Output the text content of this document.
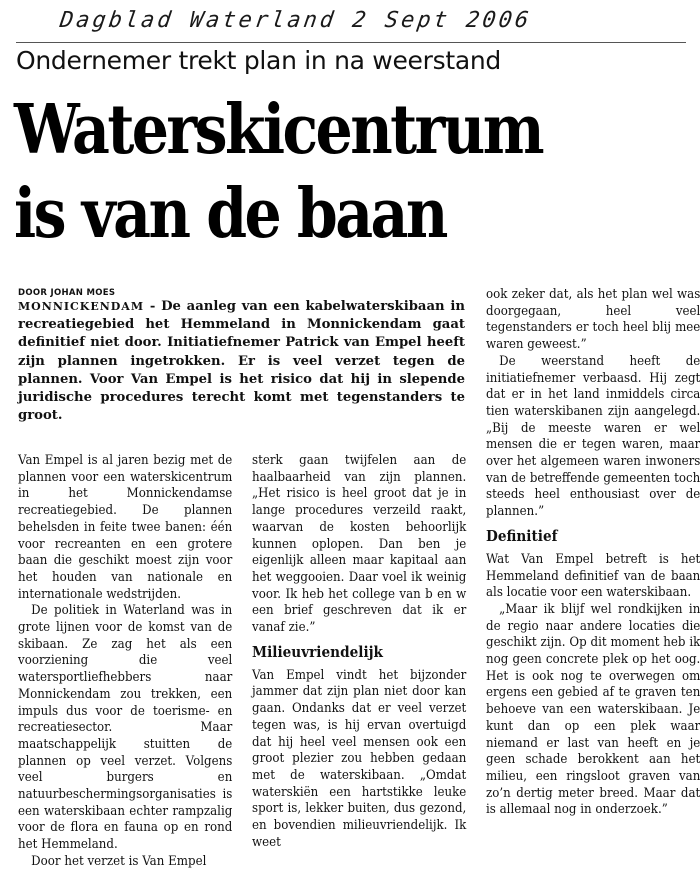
Dagblad Waterland 2 Sept 2006
Ondernemer trekt plan in na weerstand
Waterskicentrum
is van de baan
DOOR JOHAN MOES

MONNICKENDAM - De aanleg van een kabelwaterskibaan in recreatiegebied het Hemmeland in Monnickendam gaat definitief niet door. Initiatiefnemer Patrick van Empel heeft zijn plannen ingetrokken. Er is veel verzet tegen de plannen. Voor Van Empel is het risico dat hij in slepende juridische procedures terecht komt met tegenstanders te groot.

Van Empel is al jaren bezig met de plannen voor een waterskicentrum in het Monnickendamse recreatiegebied. De plannen behelsden in feite twee banen: één voor recreanten en een grotere baan die geschikt moest zijn voor het houden van nationale en internationale wedstrijden.

De politiek in Waterland was in grote lijnen voor de komst van de skibaan. Ze zag het als een voorziening die veel watersportliefhebbers naar Monnickendam zou trekken, een impuls dus voor de toerisme- en recreatiesector. Maar maatschappelijk stuitten de plannen op veel verzet. Volgens veel burgers en natuurbeschermingsorganisaties is een waterskibaan echter rampzalig voor de flora en fauna op en rond het Hemmeland.

Door het verzet is Van Empel

sterk gaan twijfelen aan de haalbaarheid van zijn plannen. „Het risico is heel groot dat je in lange procedures verzeild raakt, waarvan de kosten behoorlijk kunnen oplopen. Dan ben je eigenlijk alleen maar kapitaal aan het weggooien. Daar voel ik weinig voor. Ik heb het college van b en w een brief geschreven dat ik er vanaf zie.”

Milieuvriendelijk

Van Empel vindt het bijzonder jammer dat zijn plan niet door kan gaan. Ondanks dat er veel verzet tegen was, is hij ervan overtuigd dat hij heel veel mensen ook een groot plezier zou hebben gedaan met de waterskibaan. „Omdat waterskiën een hartstikke leuke sport is, lekker buiten, dus gezond, en bovendien milieuvriendelijk. Ik weet

ook zeker dat, als het plan wel was doorgegaan, heel veel tegenstanders er toch heel blij mee waren geweest.”

De weerstand heeft de initiatiefnemer verbaasd. Hij zegt dat er in het land inmiddels circa tien waterskibanen zijn aangelegd. „Bij de meeste waren er wel mensen die er tegen waren, maar over het algemeen waren inwoners van de betreffende gemeenten toch steeds heel enthousiast over de plannen.”

Definitief

Wat Van Empel betreft is het Hemmeland definitief van de baan als locatie voor een waterskibaan.

„Maar ik blijf wel rondkijken in de regio naar andere locaties die geschikt zijn. Op dit moment heb ik nog geen concrete plek op het oog. Het is ook nog te overwegen om ergens een gebied af te graven ten behoeve van een waterskibaan. Je kunt dan op een plek waar niemand er last van heeft en je geen schade berokkent aan het milieu, een ringsloot graven van zo’n dertig meter breed. Maar dat is allemaal nog in onderzoek.”
